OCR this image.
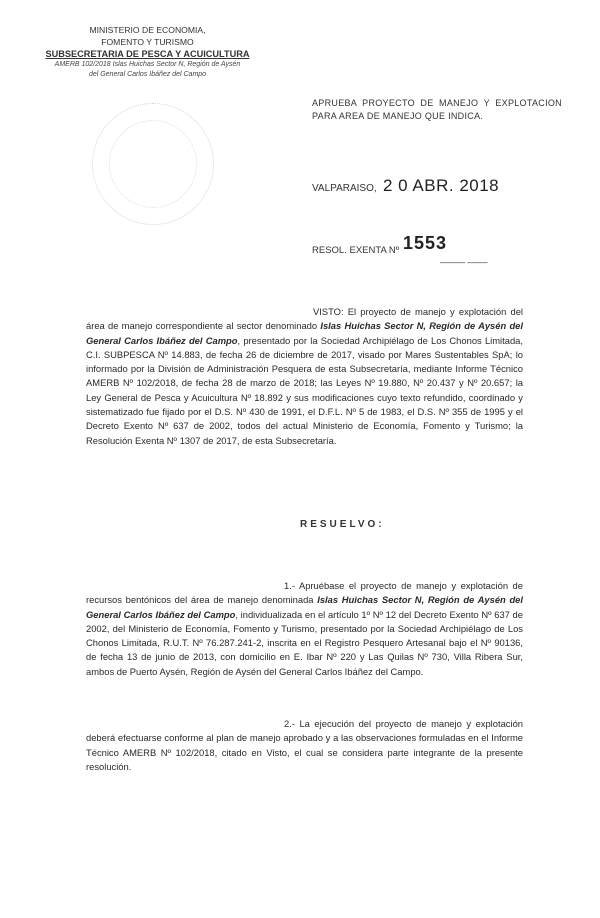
MINISTERIO DE ECONOMIA,
FOMENTO Y TURISMO
SUBSECRETARIA DE PESCA Y ACUICULTURA
AMERB 102/2018 Islas Huichas Sector N, Región de Aysén
del General Carlos Ibáñez del Campo
APRUEBA PROYECTO DE MANEJO Y EXPLOTACION PARA AREA DE MANEJO QUE INDICA.
VALPARAISO, 2 0 ABR. 2018
RESOL. EXENTA Nº 1553
_____ ____
VISTO: El proyecto de manejo y explotación del área de manejo correspondiente al sector denominado Islas Huichas Sector N, Región de Aysén del General Carlos Ibáñez del Campo, presentado por la Sociedad Archipiélago de Los Chonos Limitada, C.I. SUBPESCA Nº 14.883, de fecha 26 de diciembre de 2017, visado por Mares Sustentables SpA; lo informado por la División de Administración Pesquera de esta Subsecretaría, mediante Informe Técnico AMERB Nº 102/2018, de fecha 28 de marzo de 2018; las Leyes Nº 19.880, Nº 20.437 y Nº 20.657; la Ley General de Pesca y Acuicultura Nº 18.892 y sus modificaciones cuyo texto refundido, coordinado y sistematizado fue fijado por el D.S. Nº 430 de 1991, el D.F.L. Nº 5 de 1983, el D.S. Nº 355 de 1995 y el Decreto Exento Nº 637 de 2002, todos del actual Ministerio de Economía, Fomento y Turismo; la Resolución Exenta Nº 1307 de 2017, de esta Subsecretaría.
RESUELVO:
1.- Apruébase el proyecto de manejo y explotación de recursos bentónicos del área de manejo denominada Islas Huichas Sector N, Región de Aysén del General Carlos Ibáñez del Campo, individualizada en el artículo 1º Nº 12 del Decreto Exento Nº 637 de 2002, del Ministerio de Economía, Fomento y Turismo, presentado por la Sociedad Archipiélago de Los Chonos Limitada, R.U.T. Nº 76.287.241-2, inscrita en el Registro Pesquero Artesanal bajo el Nº 90136, de fecha 13 de junio de 2013, con domicilio en E. Ibar Nº 220 y Las Quilas Nº 730, Villa Ribera Sur, ambos de Puerto Aysén, Región de Aysén del General Carlos Ibáñez del Campo.
2.- La ejecución del proyecto de manejo y explotación deberá efectuarse conforme al plan de manejo aprobado y a las observaciones formuladas en el Informe Técnico AMERB Nº 102/2018, citado en Visto, el cual se considera parte integrante de la presente resolución.
